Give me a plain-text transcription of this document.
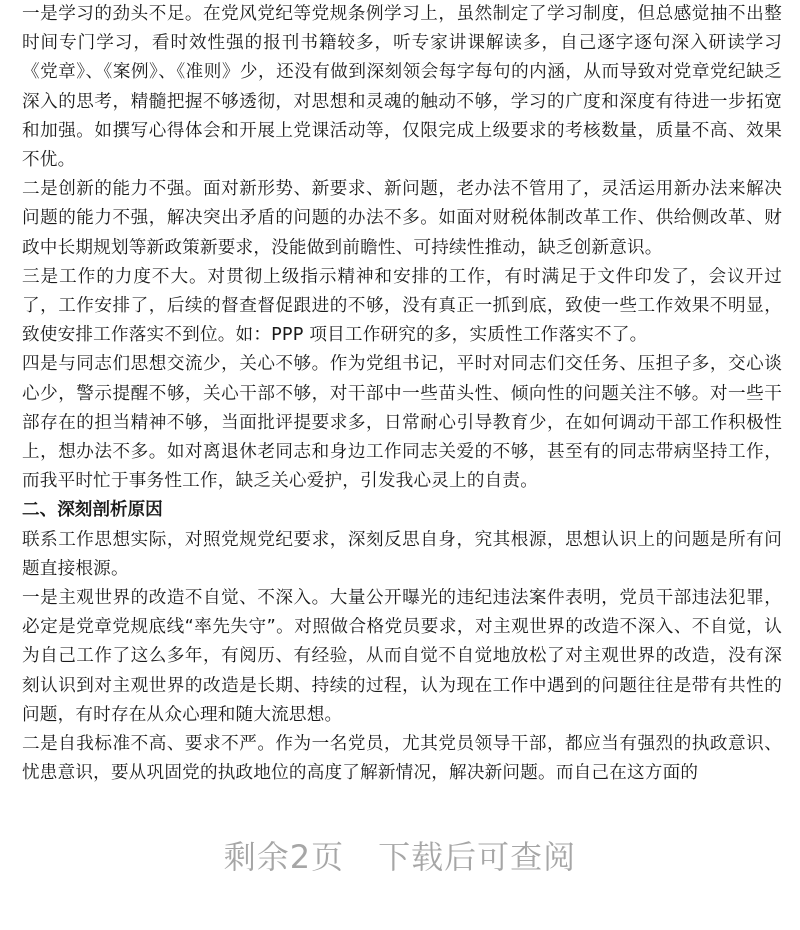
一是学习的劲头不足。在党风党纪等党规条例学习上，虽然制定了学习制度，但总感觉抽不出整时间专门学习，看时效性强的报刊书籍较多，听专家讲课解读多，自己逐字逐句深入研读学习《党章》、《案例》、《准则》少，还没有做到深刻领会每字每句的内涵，从而导致对党章党纪缺乏深入的思考，精髓把握不够透彻，对思想和灵魂的触动不够，学习的广度和深度有待进一步拓宽和加强。如撰写心得体会和开展上党课活动等，仅限完成上级要求的考核数量，质量不高、效果不优。

二是创新的能力不强。面对新形势、新要求、新问题，老办法不管用了，灵活运用新办法来解决问题的能力不强，解决突出矛盾的问题的办法不多。如面对财税体制改革工作、供给侧改革、财政中长期规划等新政策新要求，没能做到前瞻性、可持续性推动，缺乏创新意识。

三是工作的力度不大。对贯彻上级指示精神和安排的工作，有时满足于文件印发了，会议开过了，工作安排了，后续的督查督促跟进的不够，没有真正一抓到底，致使一些工作效果不明显，致使安排工作落实不到位。如：PPP 项目工作研究的多，实质性工作落实不了。

四是与同志们思想交流少，关心不够。作为党组书记，平时对同志们交任务、压担子多，交心谈心少，警示提醒不够，关心干部不够，对干部中一些苗头性、倾向性的问题关注不够。对一些干部存在的担当精神不够，当面批评提要求多，日常耐心引导教育少，在如何调动干部工作积极性上，想办法不多。如对离退休老同志和身边工作同志关爱的不够，甚至有的同志带病坚持工作，而我平时忙于事务性工作，缺乏关心爱护，引发我心灵上的自责。

二、深刻剖析原因

联系工作思想实际，对照党规党纪要求，深刻反思自身，究其根源，思想认识上的问题是所有问题直接根源。

一是主观世界的改造不自觉、不深入。大量公开曝光的违纪违法案件表明，党员干部违法犯罪，必定是党章党规底线“率先失守”。对照做合格党员要求，对主观世界的改造不深入、不自觉，认为自己工作了这么多年，有阅历、有经验，从而自觉不自觉地放松了对主观世界的改造，没有深刻认识到对主观世界的改造是长期、持续的过程，认为现在工作中遇到的问题往往是带有共性的问题，有时存在从众心理和随大流思想。

二是自我标准不高、要求不严。作为一名党员，尤其党员领导干部，都应当有强烈的执政意识、忧患意识，要从巩固党的执政地位的高度了解新情况，解决新问题。而自己在这方面的

剩余2页 下载后可查阅
